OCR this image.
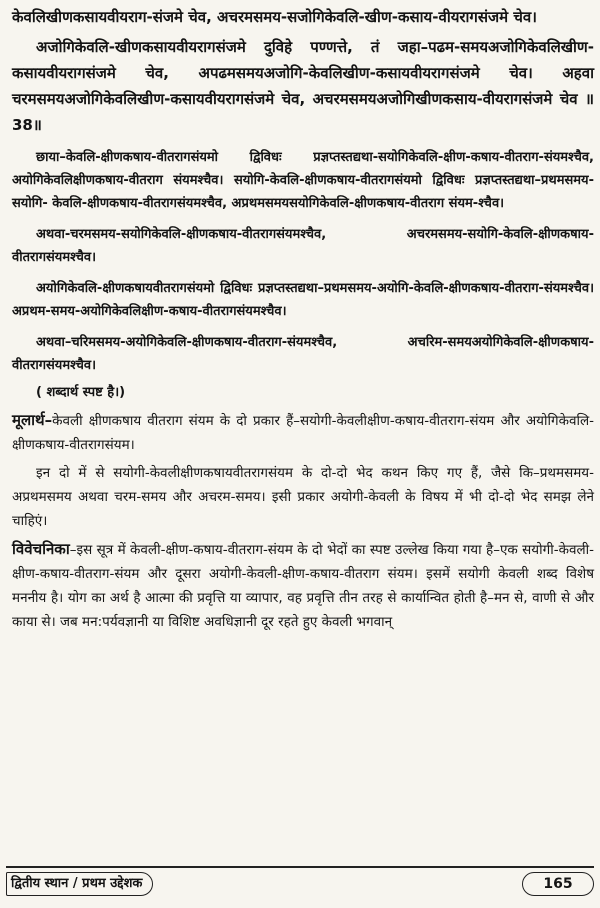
केवलिखीणकसायवीयराग-संजमे चेव, अचरमसमय-सजोगिकेवलि-खीण-कसाय-वीयरागसंजमे चेव।

अजोगिकेवलि-खीणकसायवीयरागसंजमे दुविहे पण्णत्ते, तं जहा–पढम-समयअजोगिकेवलिखीण-कसायवीयरागसंजमे चेव, अपढमसमयअजोगि-केवलिखीण-कसायवीयरागसंजमे चेव। अहवा चरमसमयअजोगिकेवलिखीण-कसायवीयरागसंजमे चेव, अचरमसमयअजोगिखीणकसाय-वीयरागसंजमे चेव ॥38॥

छाया–केवलि-क्षीणकषाय-वीतरागसंयमो द्विविधः प्रज्ञप्तस्तद्यथा-सयोगिकेवलि-क्षीण-कषाय-वीतराग-संयमश्चैव, अयोगिकेवलिक्षीणकषाय-वीतराग संयमश्चैव। सयोगि-केवलि-क्षीणकषाय-वीतरागसंयमो द्विविधः प्रज्ञप्तस्तद्यथा–प्रथमसमय-सयोगि- केवलि-क्षीणकषाय-वीतरागसंयमश्चैव, अप्रथमसमयसयोगिकेवलि-क्षीणकषाय-वीतराग संयम-श्चैव।

अथवा-चरमसमय-सयोगिकेवलि-क्षीणकषाय-वीतरागसंयमश्चैव, अचरमसमय-सयोगि-केवलि-क्षीणकषाय-वीतरागसंयमश्चैव।

अयोगिकेवलि-क्षीणकषायवीतरागसंयमो द्विविधः प्रज्ञप्तस्तद्यथा–प्रथमसमय-अयोगि-केवलि-क्षीणकषाय-वीतराग-संयमश्चैव। अप्रथम-समय-अयोगिकेवलिक्षीण-कषाय-वीतरागसंयमश्चैव।

अथवा–चरिमसमय-अयोगिकेवलि-क्षीणकषाय-वीतराग-संयमश्चैव, अचरिम-समयअयोगिकेवलि-क्षीणकषाय-वीतरागसंयमश्चैव।

( शब्दार्थ स्पष्ट है।)

मूलार्थ–केवली क्षीणकषाय वीतराग संयम के दो प्रकार हैं–सयोगी-केवलीक्षीण-कषाय-वीतराग-संयम और अयोगिकेवलि-क्षीणकषाय-वीतरागसंयम।

इन दो में से सयोगी-केवलीक्षीणकषायवीतरागसंयम के दो-दो भेद कथन किए गए हैं, जैसे कि–प्रथमसमय-अप्रथमसमय अथवा चरम-समय और अचरम-समय। इसी प्रकार अयोगी-केवली के विषय में भी दो-दो भेद समझ लेने चाहिएं।

विवेचनिका–इस सूत्र में केवली-क्षीण-कषाय-वीतराग-संयम के दो भेदों का स्पष्ट उल्लेख किया गया है–एक सयोगी-केवली-क्षीण-कषाय-वीतराग-संयम और दूसरा अयोगी-केवली-क्षीण-कषाय-वीतराग संयम। इसमें सयोगी केवली शब्द विशेष मननीय है। योग का अर्थ है आत्मा की प्रवृत्ति या व्यापार, वह प्रवृत्ति तीन तरह से कार्यान्वित होती है–मन से, वाणी से और काया से। जब मन:पर्यवज्ञानी या विशिष्ट अवधिज्ञानी दूर रहते हुए केवली भगवान्

द्वितीय स्थान / प्रथम उद्देशक	165
